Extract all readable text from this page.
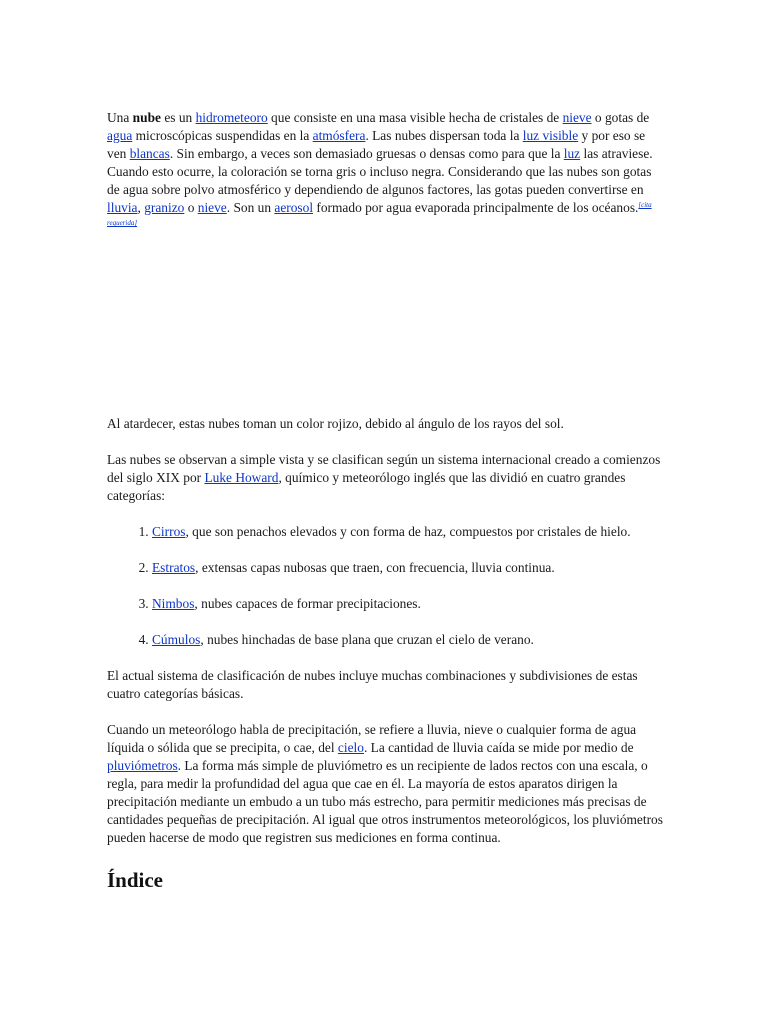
Una nube es un hidrometeoro que consiste en una masa visible hecha de cristales de nieve o gotas de agua microscópicas suspendidas en la atmósfera. Las nubes dispersan toda la luz visible y por eso se ven blancas. Sin embargo, a veces son demasiado gruesas o densas como para que la luz las atraviese. Cuando esto ocurre, la coloración se torna gris o incluso negra. Considerando que las nubes son gotas de agua sobre polvo atmosférico y dependiendo de algunos factores, las gotas pueden convertirse en lluvia, granizo o nieve. Son un aerosol formado por agua evaporada principalmente de los océanos.[cita requerida]

Al atardecer, estas nubes toman un color rojizo, debido al ángulo de los rayos del sol.

Las nubes se observan a simple vista y se clasifican según un sistema internacional creado a comienzos del siglo XIX por Luke Howard, químico y meteorólogo inglés que las dividió en cuatro grandes categorías:

1. Cirros, que son penachos elevados y con forma de haz, compuestos por cristales de hielo.
2. Estratos, extensas capas nubosas que traen, con frecuencia, lluvia continua.
3. Nimbos, nubes capaces de formar precipitaciones.
4. Cúmulos, nubes hinchadas de base plana que cruzan el cielo de verano.

El actual sistema de clasificación de nubes incluye muchas combinaciones y subdivisiones de estas cuatro categorías básicas.

Cuando un meteorólogo habla de precipitación, se refiere a lluvia, nieve o cualquier forma de agua líquida o sólida que se precipita, o cae, del cielo. La cantidad de lluvia caída se mide por medio de pluviómetros. La forma más simple de pluviómetro es un recipiente de lados rectos con una escala, o regla, para medir la profundidad del agua que cae en él. La mayoría de estos aparatos dirigen la precipitación mediante un embudo a un tubo más estrecho, para permitir mediciones más precisas de cantidades pequeñas de precipitación. Al igual que otros instrumentos meteorológicos, los pluviómetros pueden hacerse de modo que registren sus mediciones en forma continua.

Índice
